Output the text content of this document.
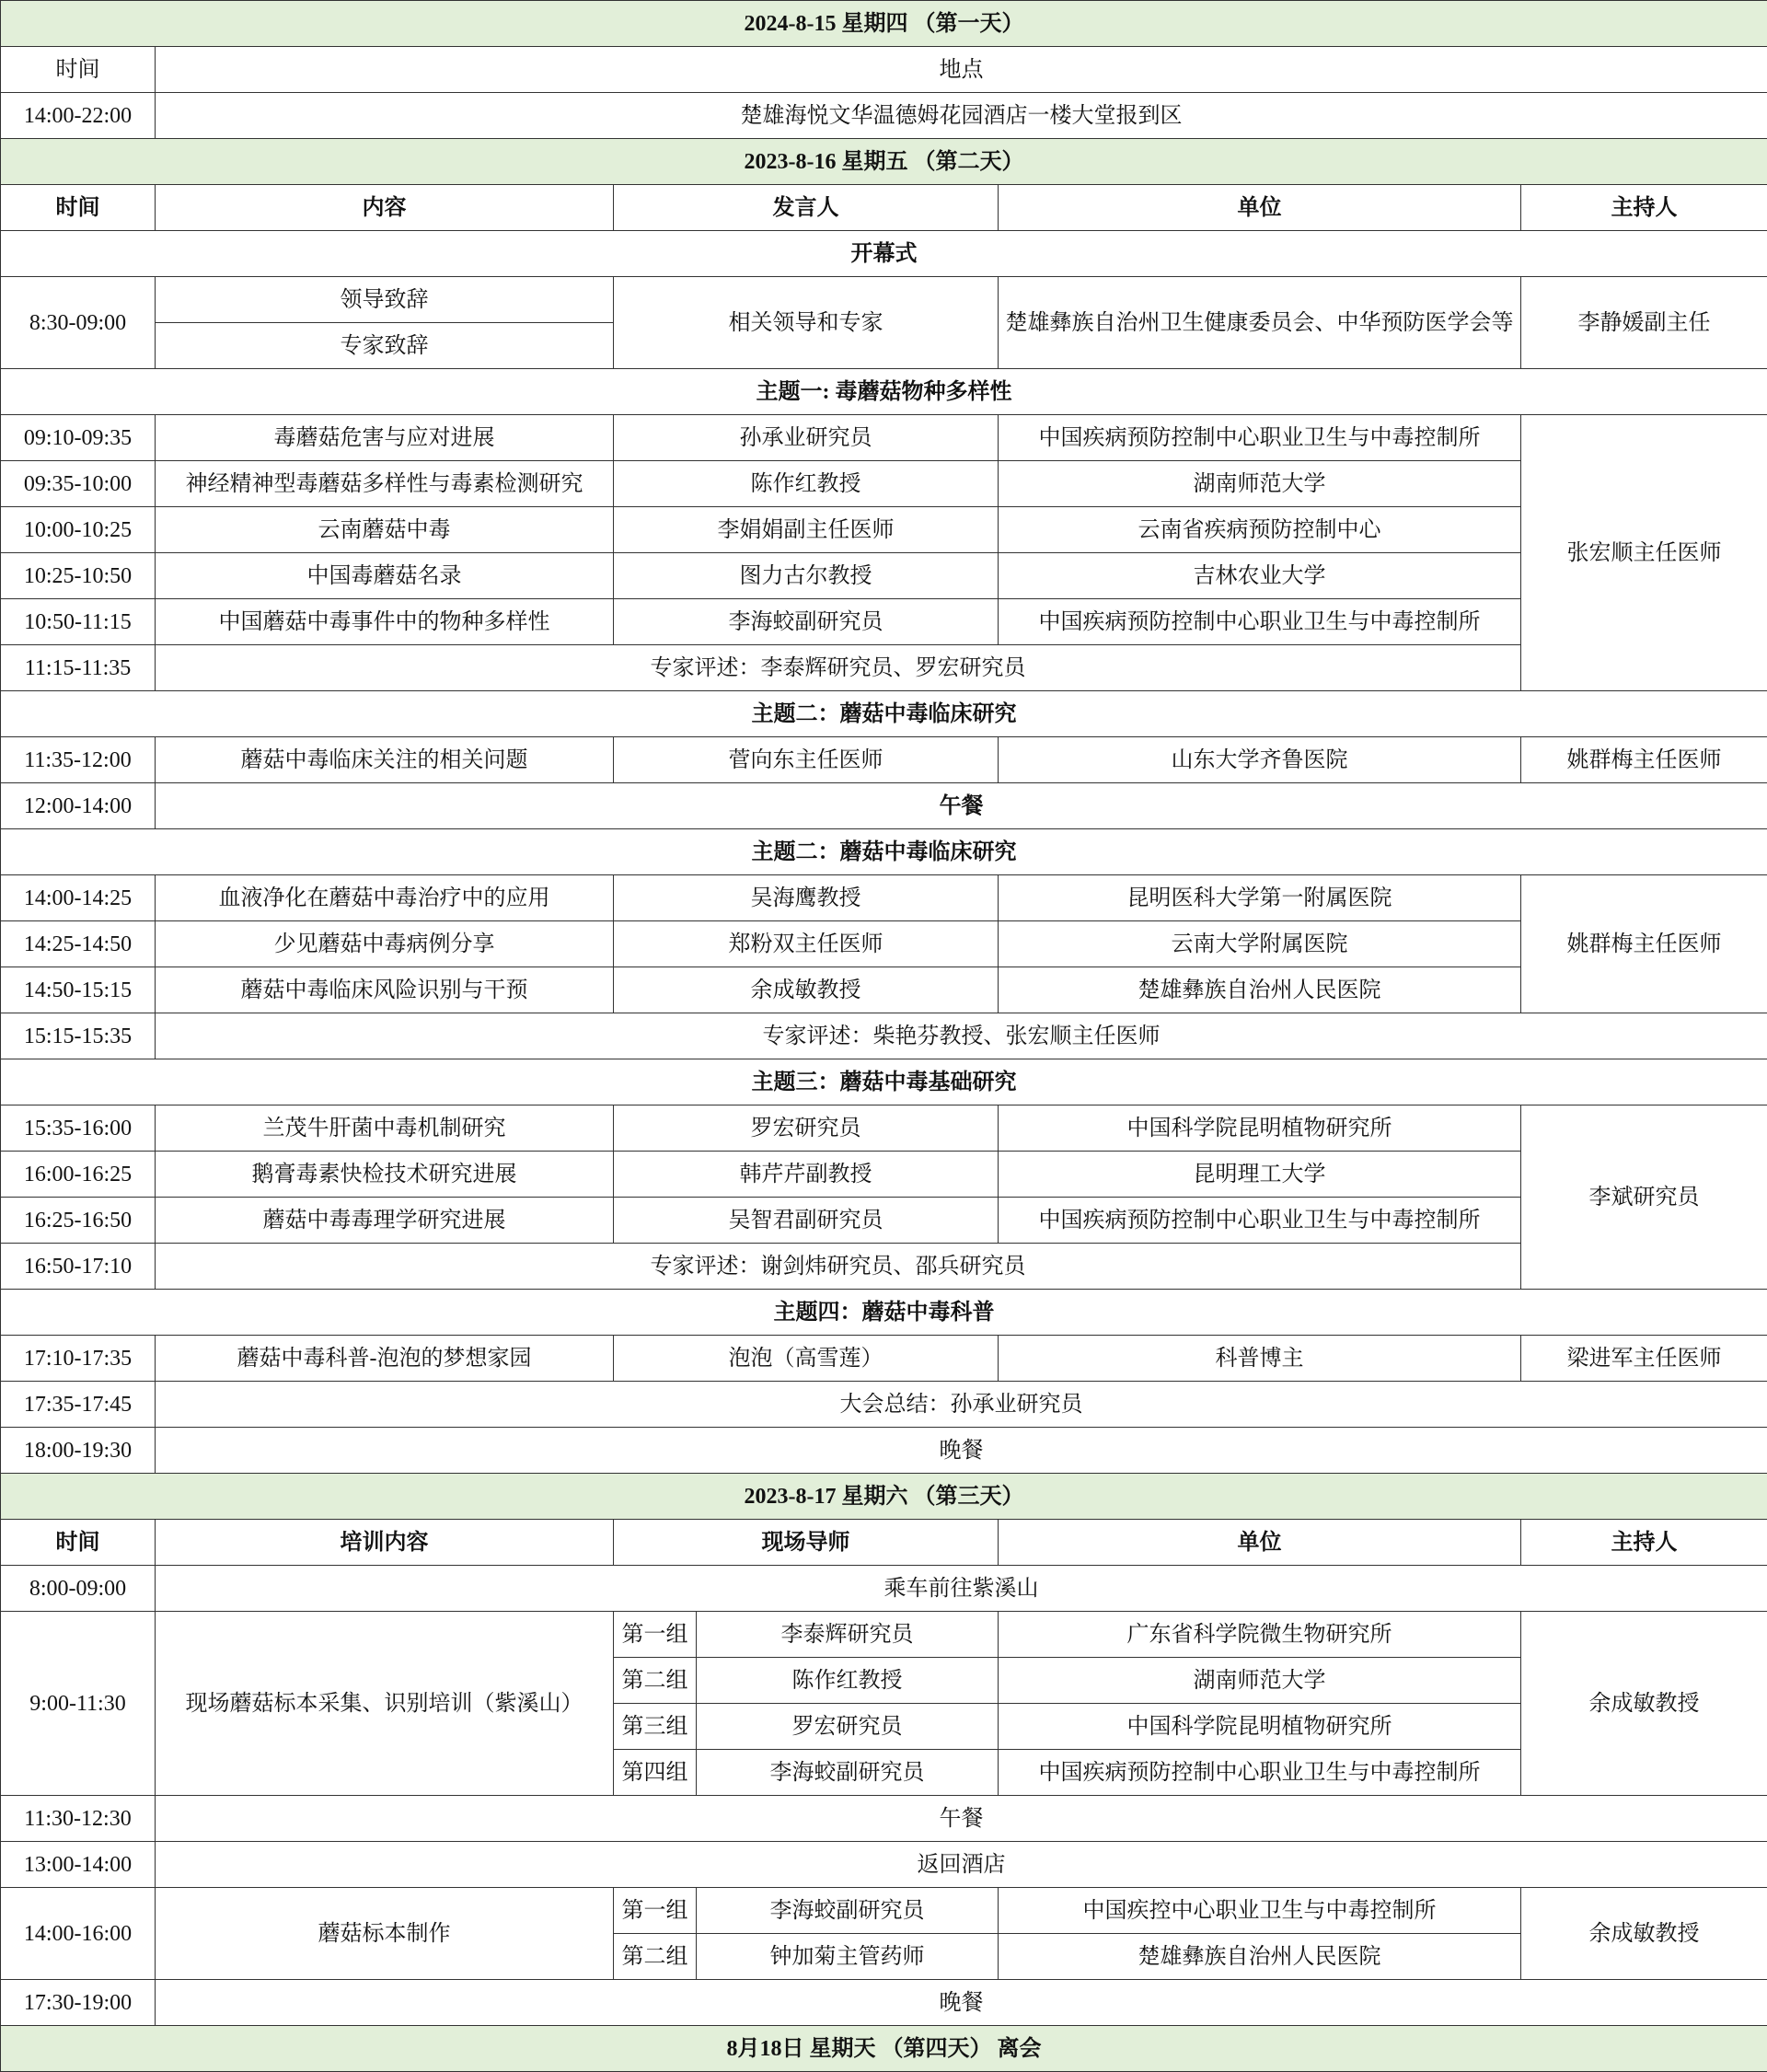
2024-8-15 星期四 （第一天）					
时间	地点				
14:00-22:00	楚雄海悦文华温德姆花园酒店一楼大堂报到区				
2023-8-16 星期五 （第二天）					
时间	内容	发言人		单位	主持人
开幕式					
8:30-09:00	领导致辞	相关领导和专家		楚雄彝族自治州卫生健康委员会、中华预防医学会等	李静媛副主任
	专家致辞				
主题一: 毒蘑菇物种多样性					
09:10-09:35	毒蘑菇危害与应对进展	孙承业研究员		中国疾病预防控制中心职业卫生与中毒控制所	张宏顺主任医师
09:35-10:00	神经精神型毒蘑菇多样性与毒素检测研究	陈作红教授		湖南师范大学	
10:00-10:25	云南蘑菇中毒	李娟娟副主任医师		云南省疾病预防控制中心	
10:25-10:50	中国毒蘑菇名录	图力古尔教授		吉林农业大学	
10:50-11:15	中国蘑菇中毒事件中的物种多样性	李海蛟副研究员		中国疾病预防控制中心职业卫生与中毒控制所	
11:15-11:35	专家评述：李泰辉研究员、罗宏研究员				
主题二：蘑菇中毒临床研究					
11:35-12:00	蘑菇中毒临床关注的相关问题	菅向东主任医师		山东大学齐鲁医院	姚群梅主任医师
12:00-14:00	午餐				
主题二：蘑菇中毒临床研究					
14:00-14:25	血液净化在蘑菇中毒治疗中的应用	吴海鹰教授		昆明医科大学第一附属医院	姚群梅主任医师
14:25-14:50	少见蘑菇中毒病例分享	郑粉双主任医师		云南大学附属医院	
14:50-15:15	蘑菇中毒临床风险识别与干预	余成敏教授		楚雄彝族自治州人民医院	
15:15-15:35	专家评述：柴艳芬教授、张宏顺主任医师				
主题三：蘑菇中毒基础研究					
15:35-16:00	兰茂牛肝菌中毒机制研究	罗宏研究员		中国科学院昆明植物研究所	李斌研究员
16:00-16:25	鹅膏毒素快检技术研究进展	韩芹芹副教授		昆明理工大学	
16:25-16:50	蘑菇中毒毒理学研究进展	吴智君副研究员		中国疾病预防控制中心职业卫生与中毒控制所	
16:50-17:10	专家评述：谢剑炜研究员、邵兵研究员				
主题四：蘑菇中毒科普					
17:10-17:35	蘑菇中毒科普-泡泡的梦想家园	泡泡（高雪莲）		科普博主	梁进军主任医师
17:35-17:45	大会总结：孙承业研究员				
18:00-19:30	晚餐				
2023-8-17 星期六 （第三天）					
时间	培训内容	现场导师		单位	主持人
8:00-09:00	乘车前往紫溪山				
9:00-11:30	现场蘑菇标本采集、识别培训（紫溪山）	第一组	李泰辉研究员	广东省科学院微生物研究所	余成敏教授
		第二组	陈作红教授	湖南师范大学	
		第三组	罗宏研究员	中国科学院昆明植物研究所	
		第四组	李海蛟副研究员	中国疾病预防控制中心职业卫生与中毒控制所	
11:30-12:30	午餐				
13:00-14:00	返回酒店				
14:00-16:00	蘑菇标本制作	第一组	李海蛟副研究员	中国疾控中心职业卫生与中毒控制所	余成敏教授
		第二组	钟加菊主管药师	楚雄彝族自治州人民医院	
17:30-19:00	晚餐				
8月18日 星期天 （第四天） 离会					
